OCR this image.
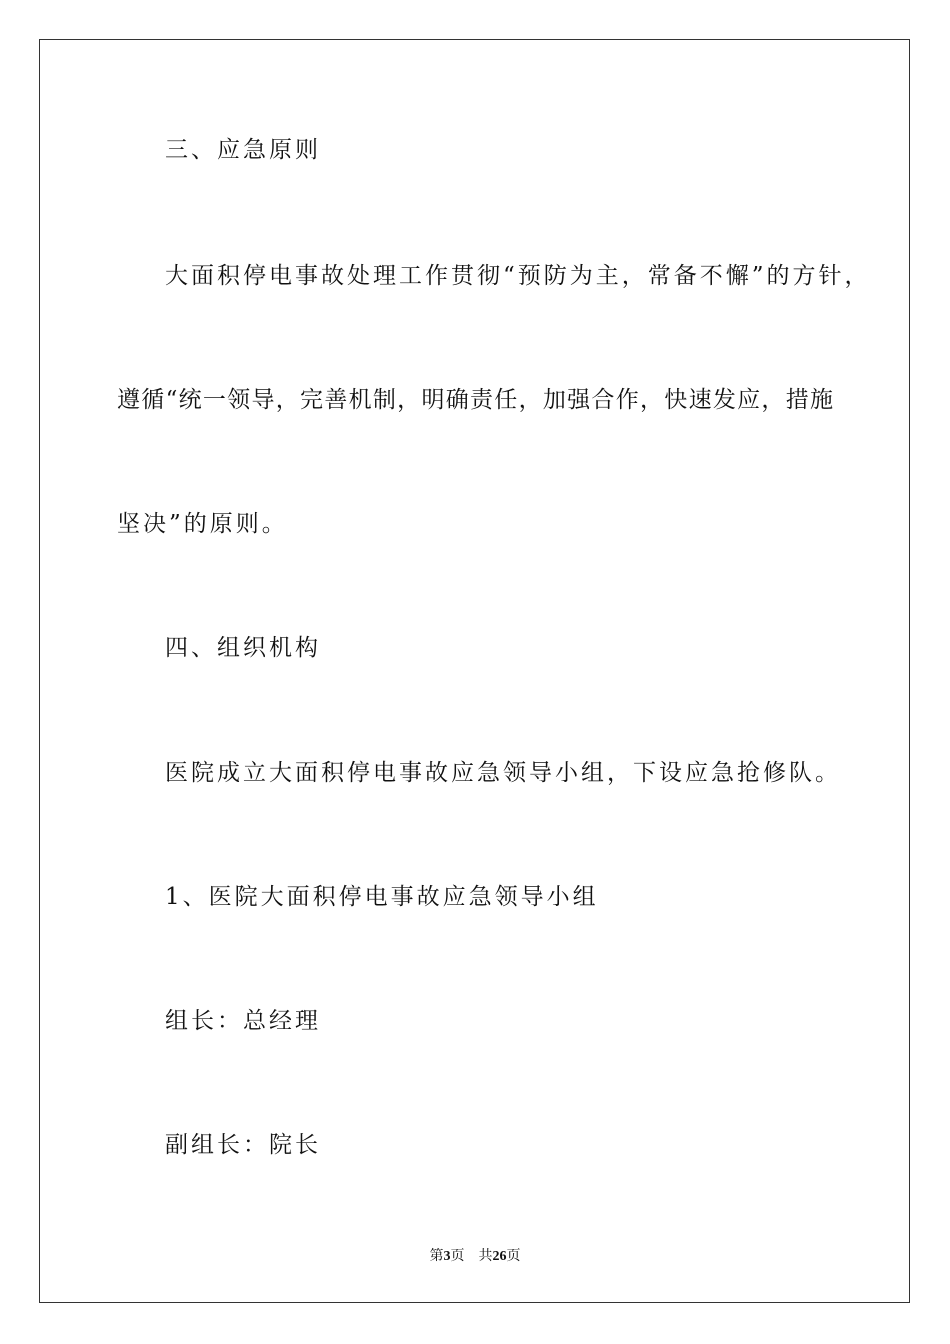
三、应急原则
大面积停电事故处理工作贯彻“预防为主，常备不懈”的方针，
遵循“统一领导，完善机制，明确责任，加强合作，快速发应，措施
坚决”的原则。
四、组织机构
医院成立大面积停电事故应急领导小组，下设应急抢修队。
1、医院大面积停电事故应急领导小组
组长：总经理
副组长：院长
第3页 共26页
